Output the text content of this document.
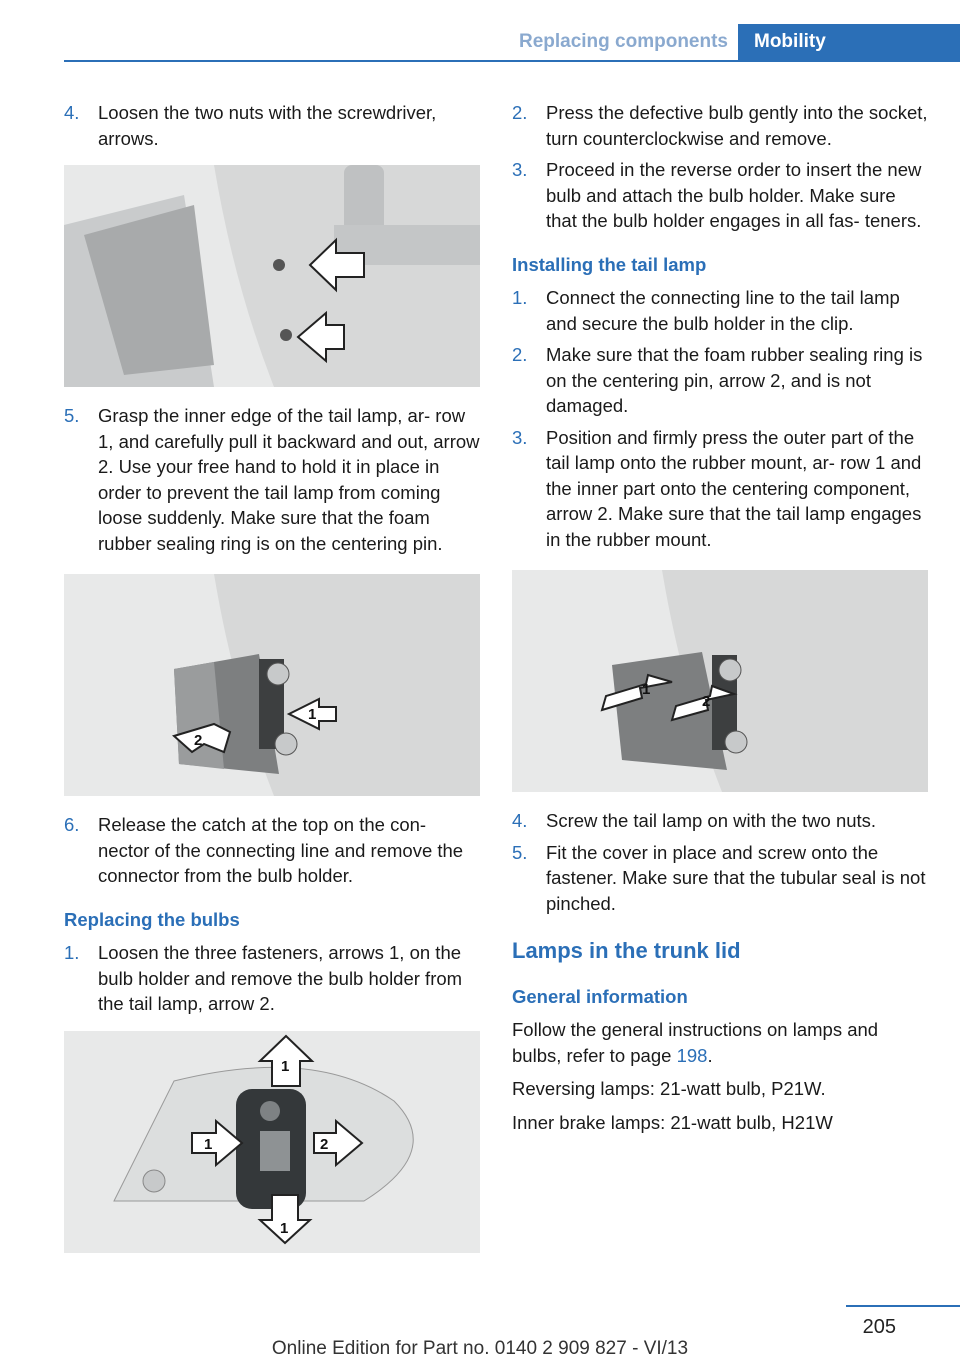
Replacing components	Mobility
4. Loosen the two nuts with the screwdriver, arrows.
5. Grasp the inner edge of the tail lamp, ar‐ row 1, and carefully pull it backward and out, arrow 2. Use your free hand to hold it in place in order to prevent the tail lamp from coming loose suddenly. Make sure that the foam rubber sealing ring is on the centering pin.
1
2
6. Release the catch at the top on the con‐ nector of the connecting line and remove the connector from the bulb holder.
Replacing the bulbs
1. Loosen the three fasteners, arrows 1, on the bulb holder and remove the bulb holder from the tail lamp, arrow 2.
1
1	2
1
2. Press the defective bulb gently into the socket, turn counterclockwise and remove.
3. Proceed in the reverse order to insert the new bulb and attach the bulb holder. Make sure that the bulb holder engages in all fas‐ teners.
Installing the tail lamp
1. Connect the connecting line to the tail lamp and secure the bulb holder in the clip.
2. Make sure that the foam rubber sealing ring is on the centering pin, arrow 2, and is not damaged.
3. Position and firmly press the outer part of the tail lamp onto the rubber mount, ar‐ row 1 and the inner part onto the centering component, arrow 2. Make sure that the tail lamp engages in the rubber mount.
1
2
4. Screw the tail lamp on with the two nuts.
5. Fit the cover in place and screw onto the fastener. Make sure that the tubular seal is not pinched.
Lamps in the trunk lid
General information

Follow the general instructions on lamps and bulbs, refer to page 198.

Reversing lamps: 21‑watt bulb, P21W.

Inner brake lamps: 21‑watt bulb, H21W

205
Online Edition for Part no. 0140 2 909 827 - VI/13
